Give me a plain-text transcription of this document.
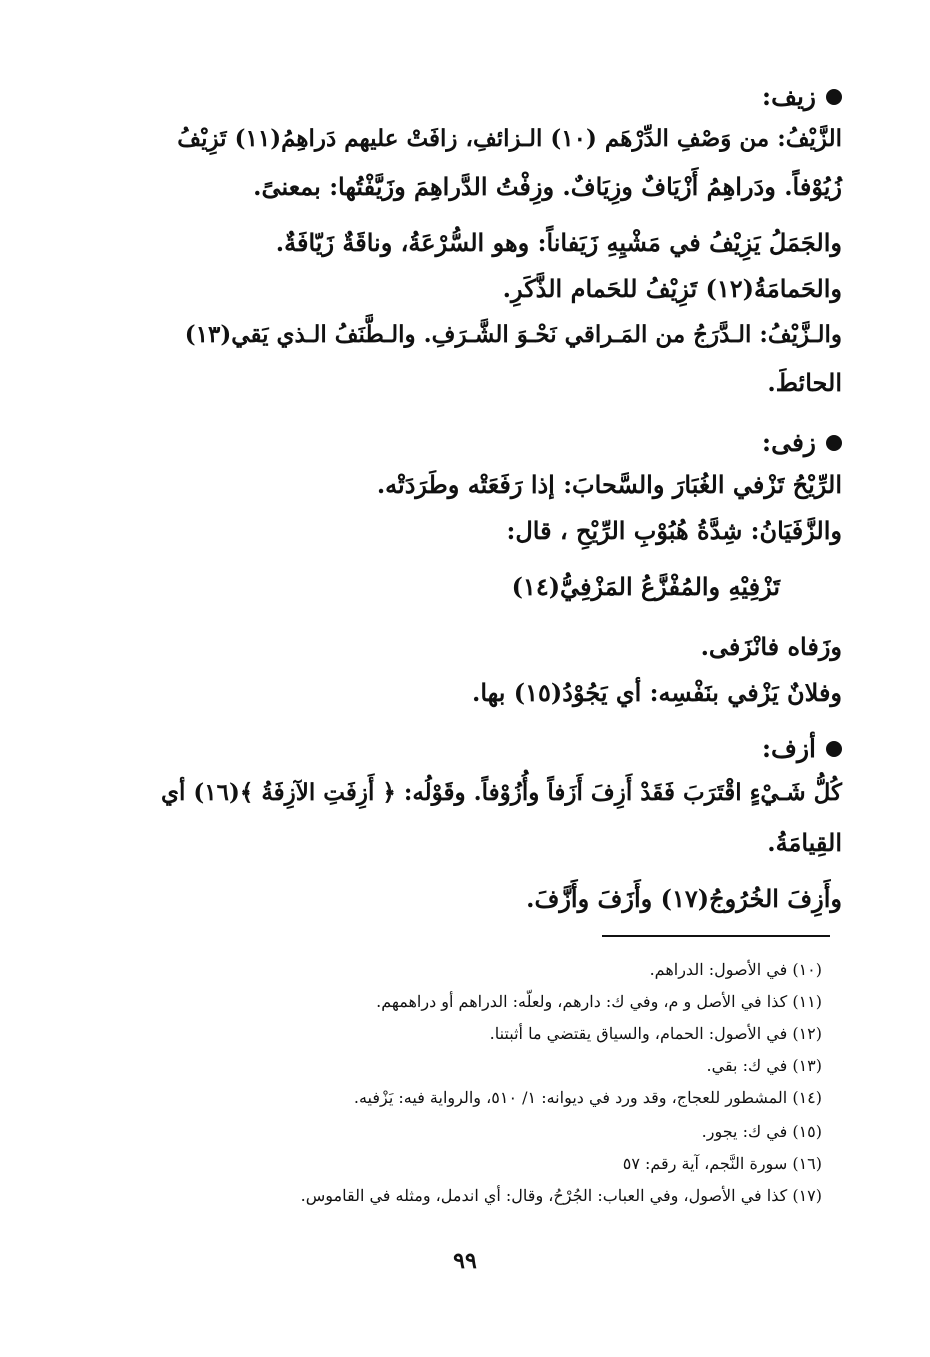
زيف:
الزَّيْفُ: من وَصْفِ الدِّرْهَم (١٠) الـزائفِ، زافَتْ عليهم دَراهِمُ(١١) تَزِيْفُ
زُيُوْفاً. ودَراهِمُ أَزْيَافٌ وزِيَافٌ. وزِفْتُ الدَّراهِمَ وزَيَّفْتُها: بمعنىً.
والجَمَلُ يَزِيْفُ في مَشْيِهِ زَيَفاناً: وهو السُّرْعَةُ، وناقَةٌ زَيّافَةٌ.
والحَمامَةُ(١٢) تَزِيْفُ للحَمام الذَّكَرِ.
والـزَّيْفُ: الـدَّرَجُ من المَـراقي نَحْـوَ الشَّـرَفِ. والـطَّنَفُ الـذي يَقي(١٣)
الحائطَ.
زفى:
الرِّيْحُ تَزْفي الغُبَارَ والسَّحابَ: إذا رَفَعَتْه وطَرَدَتْه.
والزَّفَيَانُ: شِدَّةُ هُبُوْبِ الرِّيْحِ ، قال:
تَزْفِيْهِ والمُفْزَّعُ المَزْفِيُّ(١٤)
وزَفاه فانْزَفى.
وفلانٌ يَزْفي بنَفْسِه: أي يَجُوْدُ(١٥) بها.
أزف:
كُلُّ شَـيْءٍ اقْتَرَبَ فَقَدْ أَزِفَ أَزَفاً وأُزُوْفاً. وقَوْلُه: ﴿ أَزِفَتِ الآزِفَةُ ﴾(١٦) أي
القِيامَةُ.
وأَزِفَ الخُرُوجُ(١٧) وأَزَفَ وأَزَّفَ.
(١٠) في الأصول: الدراهم.
(١١) كذا في الأصل و م، وفي ك: دارهم، ولعلّه: الدراهم أو دراهمهم.
(١٢) في الأصول: الحمام، والسياق يقتضي ما أثبتنا.
(١٣) في ك: بقي.
(١٤) المشطور للعجاج، وقد ورد في ديوانه: ١/ ٥١٠، والرواية فيه: يَزْفيه.
(١٥) في ك: يجور.
(١٦) سورة النَّجم، آية رقم: ٥٧
(١٧) كذا في الأصول، وفي العباب: الجُرْحُ، وقال: أي اندمل، ومثله في القاموس.
٩٩
